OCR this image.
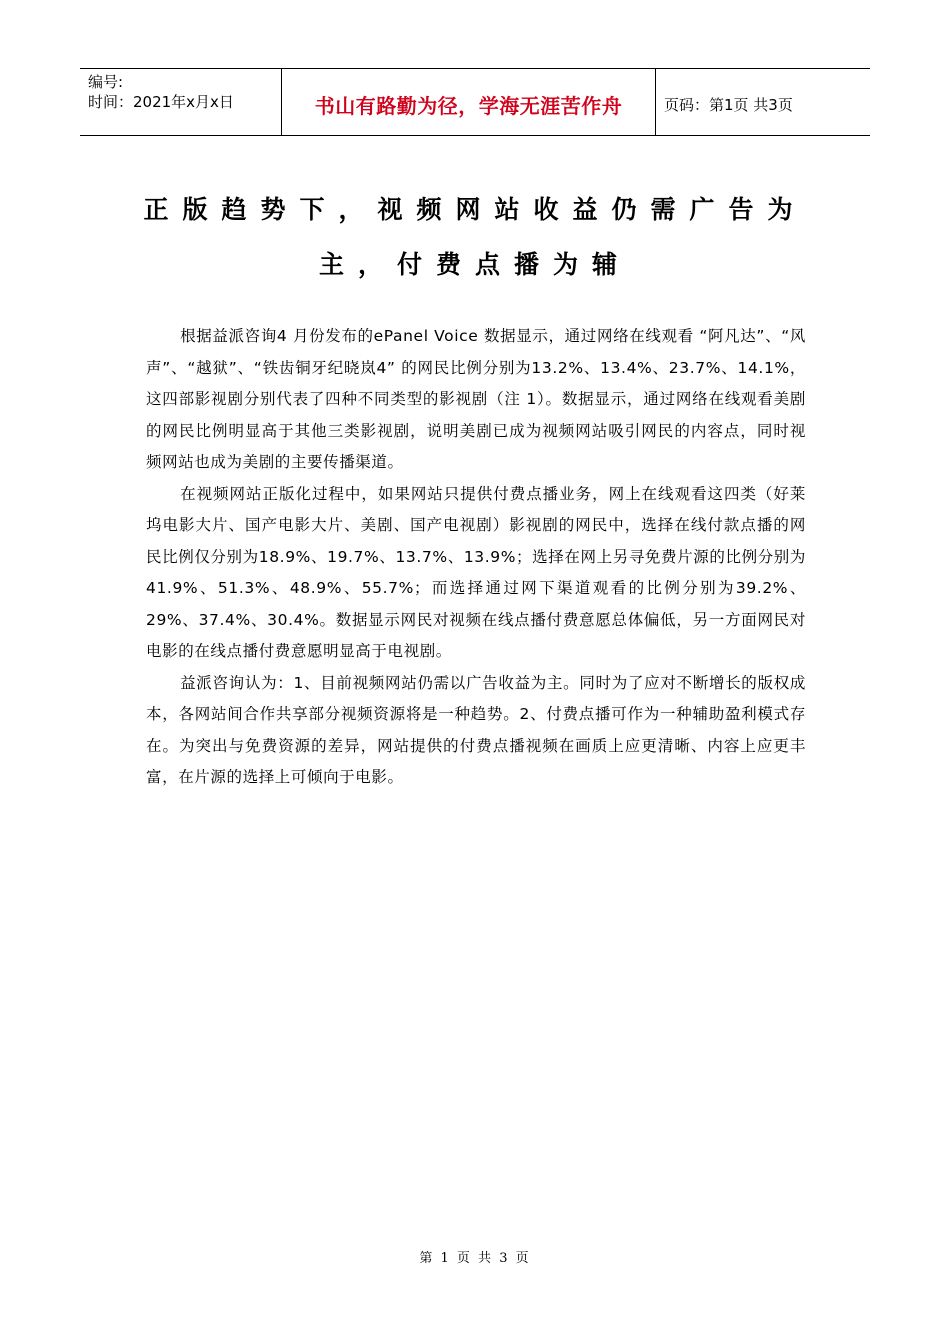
编号:
时间：2021年x月x日	书山有路勤为径，学海无涯苦作舟	页码：第1页 共3页
正版趋势下，视频网站收益仍需广告为
主，付费点播为辅

根据益派咨询4 月份发布的ePanel Voice 数据显示，通过网络在线观看 “阿凡达”、“风声”、“越狱”、“铁齿铜牙纪晓岚4” 的网民比例分别为13.2%、13.4%、23.7%、14.1%，这四部影视剧分别代表了四种不同类型的影视剧（注 1）。数据显示，通过网络在线观看美剧的网民比例明显高于其他三类影视剧，说明美剧已成为视频网站吸引网民的内容点，同时视频网站也成为美剧的主要传播渠道。

在视频网站正版化过程中，如果网站只提供付费点播业务，网上在线观看这四类（好莱坞电影大片、国产电影大片、美剧、国产电视剧）影视剧的网民中，选择在线付款点播的网民比例仅分别为18.9%、19.7%、13.7%、13.9%；选择在网上另寻免费片源的比例分别为41.9%、51.3%、48.9%、55.7%；而选择通过网下渠道观看的比例分别为39.2%、29%、37.4%、30.4%。数据显示网民对视频在线点播付费意愿总体偏低，另一方面网民对电影的在线点播付费意愿明显高于电视剧。

益派咨询认为：1、目前视频网站仍需以广告收益为主。同时为了应对不断增长的版权成本，各网站间合作共享部分视频资源将是一种趋势。2、付费点播可作为一种辅助盈利模式存在。为突出与免费资源的差异，网站提供的付费点播视频在画质上应更清晰、内容上应更丰富，在片源的选择上可倾向于电影。

第 1 页 共 3 页
